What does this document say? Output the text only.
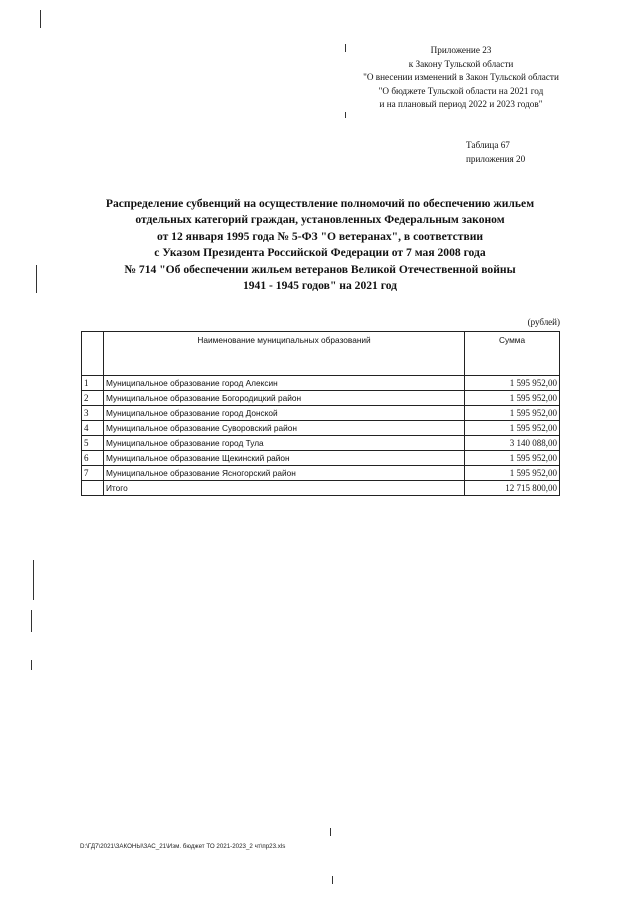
Приложение 23
к Закону Тульской области
"О внесении изменений в Закон Тульской области
"О бюджете Тульской области на 2021 год
и на плановый период 2022 и 2023 годов"
Таблица 67
приложения 20
Распределение субвенций на осуществление полномочий по обеспечению жильем
отдельных категорий граждан, установленных Федеральным законом
от 12 января 1995 года № 5-ФЗ "О ветеранах", в соответствии
с Указом Президента Российской Федерации от 7 мая 2008 года
№ 714 "Об обеспечении жильем ветеранов Великой Отечественной войны
1941 - 1945 годов" на 2021 год
(рублей)
	Наименование муниципальных образований	Сумма
1	Муниципальное образование город Алексин	1 595 952,00
2	Муниципальное образование Богородицкий район	1 595 952,00
3	Муниципальное образование город Донской	1 595 952,00
4	Муниципальное образование Суворовский район	1 595 952,00
5	Муниципальное образование город Тула	3 140 088,00
6	Муниципальное образование Щекинский район	1 595 952,00
7	Муниципальное образование Ясногорский район	1 595 952,00
	Итого	12 715 800,00
D:\ГД7\2021\ЗАКОНЫ\ЗАС_21\Изм. бюджет ТО 2021-2023_2 чт\пр23.xls
